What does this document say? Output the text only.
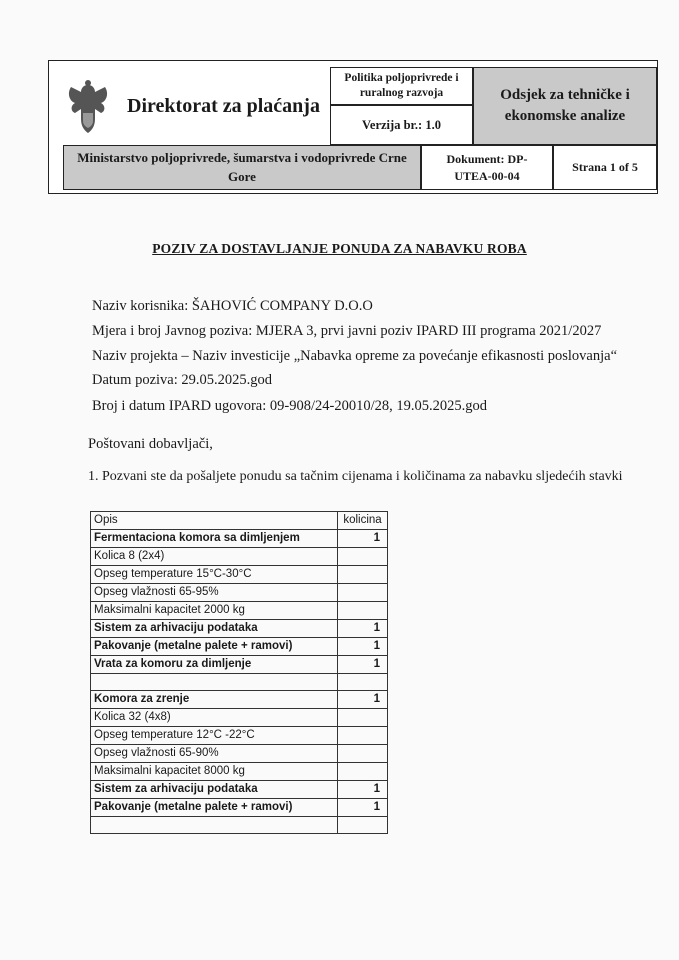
Direktorat za plaćanja
Politika poljoprivrede i ruralnog razvoja
Verzija br.: 1.0
Odsjek za tehničke i ekonomske analize
Ministarstvo poljoprivrede, šumarstva i vodoprivrede Crne Gore
Dokument: DP-UTEA-00-04
Strana 1 of 5
POZIV ZA DOSTAVLJANJE PONUDA ZA NABAVKU ROBA
Naziv korisnika: ŠAHOVIĆ COMPANY D.O.O
Mjera i broj Javnog poziva: MJERA 3, prvi javni poziv IPARD III programa 2021/2027
Naziv projekta – Naziv investicije „Nabavka opreme za povećanje efikasnosti poslovanja“
Datum poziva: 29.05.2025.god
Broj i datum IPARD ugovora: 09-908/24-20010/28, 19.05.2025.god
Poštovani dobavljači,
1. Pozvani ste da pošaljete ponudu sa tačnim cijenama i količinama za nabavku sljedećih stavki
Opis	kolicina
Fermentaciona komora sa dimljenjem	1
Kolica 8 (2x4)	
Opseg temperature 15°C-30°C	
Opseg vlažnosti 65-95%	
Maksimalni kapacitet 2000 kg	
Sistem za arhivaciju podataka	1
Pakovanje (metalne palete + ramovi)	1
Vrata za komoru za dimljenje	1

Komora za zrenje	1
Kolica 32 (4x8)	
Opseg temperature 12°C -22°C	
Opseg vlažnosti 65-90%	
Maksimalni kapacitet 8000 kg	
Sistem za arhivaciju podataka	1
Pakovanje (metalne palete + ramovi)	1
